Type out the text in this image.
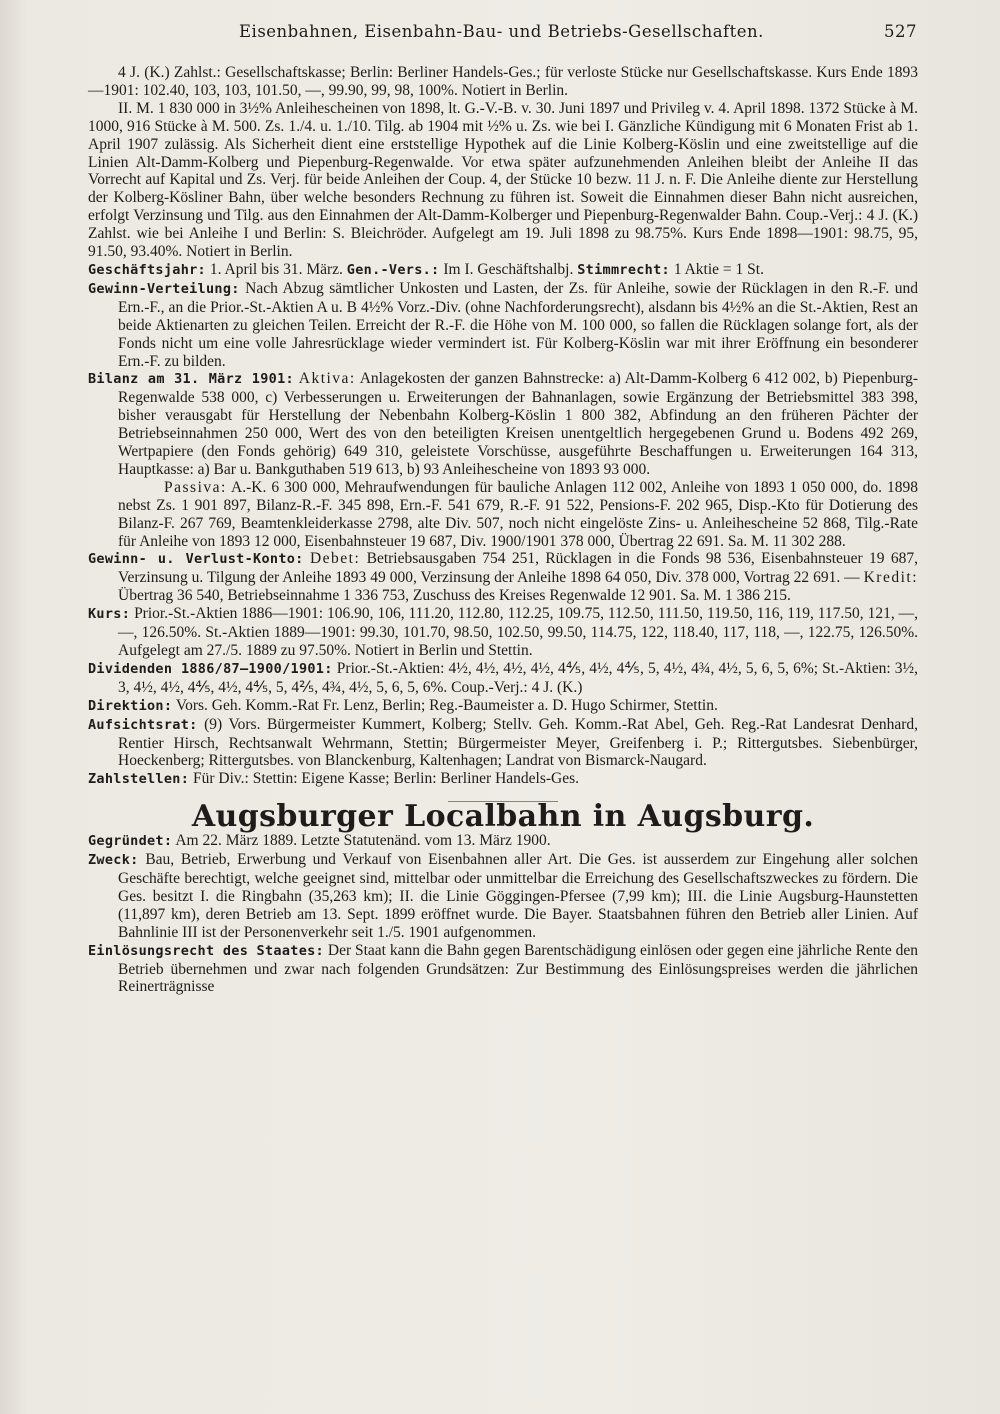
Eisenbahnen, Eisenbahn-Bau- und Betriebs-Gesellschaften.	527

4 J. (K.) Zahlst.: Gesellschaftskasse; Berlin: Berliner Handels-Ges.; für verloste Stücke nur Gesellschaftskasse. Kurs Ende 1893—1901: 102.40, 103, 103, 101.50, —, 99.90, 99, 98, 100%. Notiert in Berlin.

II. M. 1 830 000 in 3½% Anleihescheinen von 1898, lt. G.-V.-B. v. 30. Juni 1897 und Privileg v. 4. April 1898. 1372 Stücke à M. 1000, 916 Stücke à M. 500. Zs. 1./4. u. 1./10. Tilg. ab 1904 mit ½% u. Zs. wie bei I. Gänzliche Kündigung mit 6 Monaten Frist ab 1. April 1907 zulässig. Als Sicherheit dient eine erststellige Hypothek auf die Linie Kolberg-Köslin und eine zweitstellige auf die Linien Alt-Damm-Kolberg und Piepenburg-Regenwalde. Vor etwa später aufzunehmenden Anleihen bleibt der Anleihe II das Vorrecht auf Kapital und Zs. Verj. für beide Anleihen der Coup. 4, der Stücke 10 bezw. 11 J. n. F. Die Anleihe diente zur Herstellung der Kolberg-Kösliner Bahn, über welche besonders Rechnung zu führen ist. Soweit die Einnahmen dieser Bahn nicht ausreichen, erfolgt Verzinsung und Tilg. aus den Einnahmen der Alt-Damm-Kolberger und Piepenburg-Regenwalder Bahn. Coup.-Verj.: 4 J. (K.) Zahlst. wie bei Anleihe I und Berlin: S. Bleichröder. Aufgelegt am 19. Juli 1898 zu 98.75%. Kurs Ende 1898—1901: 98.75, 95, 91.50, 93.40%. Notiert in Berlin.

Geschäftsjahr: 1. April bis 31. März. Gen.-Vers.: Im I. Geschäftshalbj. Stimmrecht: 1 Aktie = 1 St.

Gewinn-Verteilung: Nach Abzug sämtlicher Unkosten und Lasten, der Zs. für Anleihe, sowie der Rücklagen in den R.-F. und Ern.-F., an die Prior.-St.-Aktien A u. B 4½% Vorz.-Div. (ohne Nachforderungsrecht), alsdann bis 4½% an die St.-Aktien, Rest an beide Aktienarten zu gleichen Teilen. Erreicht der R.-F. die Höhe von M. 100 000, so fallen die Rücklagen solange fort, als der Fonds nicht um eine volle Jahresrücklage wieder vermindert ist. Für Kolberg-Köslin war mit ihrer Eröffnung ein besonderer Ern.-F. zu bilden.

Bilanz am 31. März 1901: Aktiva: Anlagekosten der ganzen Bahnstrecke: a) Alt-Damm-Kolberg 6 412 002, b) Piepenburg-Regenwalde 538 000, c) Verbesserungen u. Erweiterungen der Bahnanlagen, sowie Ergänzung der Betriebsmittel 383 398, bisher verausgabt für Herstellung der Nebenbahn Kolberg-Köslin 1 800 382, Abfindung an den früheren Pächter der Betriebseinnahmen 250 000, Wert des von den beteiligten Kreisen unentgeltlich hergegebenen Grund u. Bodens 492 269, Wertpapiere (den Fonds gehörig) 649 310, geleistete Vorschüsse, ausgeführte Beschaffungen u. Erweiterungen 164 313, Hauptkasse: a) Bar u. Bankguthaben 519 613, b) 93 Anleihescheine von 1893 93 000.

Passiva: A.-K. 6 300 000, Mehraufwendungen für bauliche Anlagen 112 002, Anleihe von 1893 1 050 000, do. 1898 nebst Zs. 1 901 897, Bilanz-R.-F. 345 898, Ern.-F. 541 679, R.-F. 91 522, Pensions-F. 202 965, Disp.-Kto für Dotierung des Bilanz-F. 267 769, Beamtenkleiderkasse 2798, alte Div. 507, noch nicht eingelöste Zins- u. Anleihescheine 52 868, Tilg.-Rate für Anleihe von 1893 12 000, Eisenbahnsteuer 19 687, Div. 1900/1901 378 000, Übertrag 22 691. Sa. M. 11 302 288.

Gewinn- u. Verlust-Konto: Debet: Betriebsausgaben 754 251, Rücklagen in die Fonds 98 536, Eisenbahnsteuer 19 687, Verzinsung u. Tilgung der Anleihe 1893 49 000, Verzinsung der Anleihe 1898 64 050, Div. 378 000, Vortrag 22 691. — Kredit: Übertrag 36 540, Betriebseinnahme 1 336 753, Zuschuss des Kreises Regenwalde 12 901. Sa. M. 1 386 215.

Kurs: Prior.-St.-Aktien 1886—1901: 106.90, 106, 111.20, 112.80, 112.25, 109.75, 112.50, 111.50, 119.50, 116, 119, 117.50, 121, —, —, 126.50%. St.-Aktien 1889—1901: 99.30, 101.70, 98.50, 102.50, 99.50, 114.75, 122, 118.40, 117, 118, —, 122.75, 126.50%. Aufgelegt am 27./5. 1889 zu 97.50%. Notiert in Berlin und Stettin.

Dividenden 1886/87—1900/1901: Prior.-St.-Aktien: 4½, 4½, 4½, 4½, 4⅘, 4½, 4⅘, 5, 4½, 4¾, 4½, 5, 6, 5, 6%; St.-Aktien: 3½, 3, 4½, 4½, 4⅘, 4½, 4⅘, 5, 4⅖, 4¾, 4½, 5, 6, 5, 6%. Coup.-Verj.: 4 J. (K.)

Direktion: Vors. Geh. Komm.-Rat Fr. Lenz, Berlin; Reg.-Baumeister a. D. Hugo Schirmer, Stettin.

Aufsichtsrat: (9) Vors. Bürgermeister Kummert, Kolberg; Stellv. Geh. Komm.-Rat Abel, Geh. Reg.-Rat Landesrat Denhard, Rentier Hirsch, Rechtsanwalt Wehrmann, Stettin; Bürgermeister Meyer, Greifenberg i. P.; Rittergutsbes. Siebenbürger, Hoeckenberg; Rittergutsbes. von Blanckenburg, Kaltenhagen; Landrat von Bismarck-Naugard.

Zahlstellen: Für Div.: Stettin: Eigene Kasse; Berlin: Berliner Handels-Ges.

Augsburger Localbahn in Augsburg.

Gegründet: Am 22. März 1889. Letzte Statutenänd. vom 13. März 1900.

Zweck: Bau, Betrieb, Erwerbung und Verkauf von Eisenbahnen aller Art. Die Ges. ist ausserdem zur Eingehung aller solchen Geschäfte berechtigt, welche geeignet sind, mittelbar oder unmittelbar die Erreichung des Gesellschaftszweckes zu fördern. Die Ges. besitzt I. die Ringbahn (35,263 km); II. die Linie Göggingen-Pfersee (7,99 km); III. die Linie Augsburg-Haunstetten (11,897 km), deren Betrieb am 13. Sept. 1899 eröffnet wurde. Die Bayer. Staatsbahnen führen den Betrieb aller Linien. Auf Bahnlinie III ist der Personenverkehr seit 1./5. 1901 aufgenommen.

Einlösungsrecht des Staates: Der Staat kann die Bahn gegen Barentschädigung einlösen oder gegen eine jährliche Rente den Betrieb übernehmen und zwar nach folgenden Grundsätzen: Zur Bestimmung des Einlösungspreises werden die jährlichen Reinerträgnisse
